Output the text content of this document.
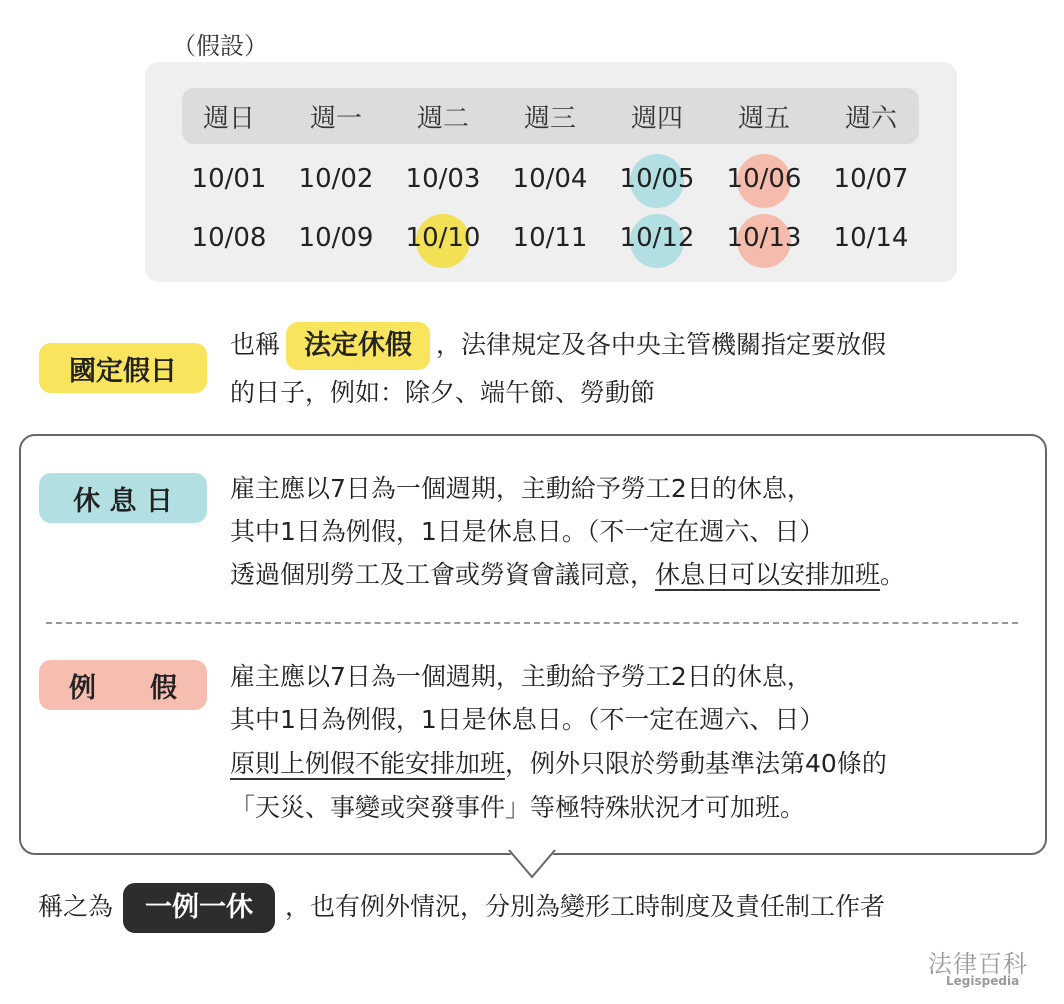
（假設）
週日	週一	週二	週三	週四	週五	週六
10/01	10/02	10/03	10/04	10/05	10/06	10/07
10/08	10/09	10/10	10/11	10/12	10/13	10/14
國定假日
也稱 法定休假 ，法律規定及各中央主管機關指定要放假
的日子，例如：除夕、端午節、勞動節
休 息 日	雇主應以7日為一個週期，主動給予勞工2日的休息，
其中1日為例假，1日是休息日。（不一定在週六、日）
透過個別勞工及工會或勞資會議同意，休息日可以安排加班。
例　　假	雇主應以7日為一個週期，主動給予勞工2日的休息，
其中1日為例假，1日是休息日。（不一定在週六、日）
原則上例假不能安排加班，例外只限於勞動基準法第40條的
「天災、事變或突發事件」等極特殊狀況才可加班。
稱之為 一例一休 ，也有例外情況，分別為變形工時制度及責任制工作者
法律百科
Legispedia
